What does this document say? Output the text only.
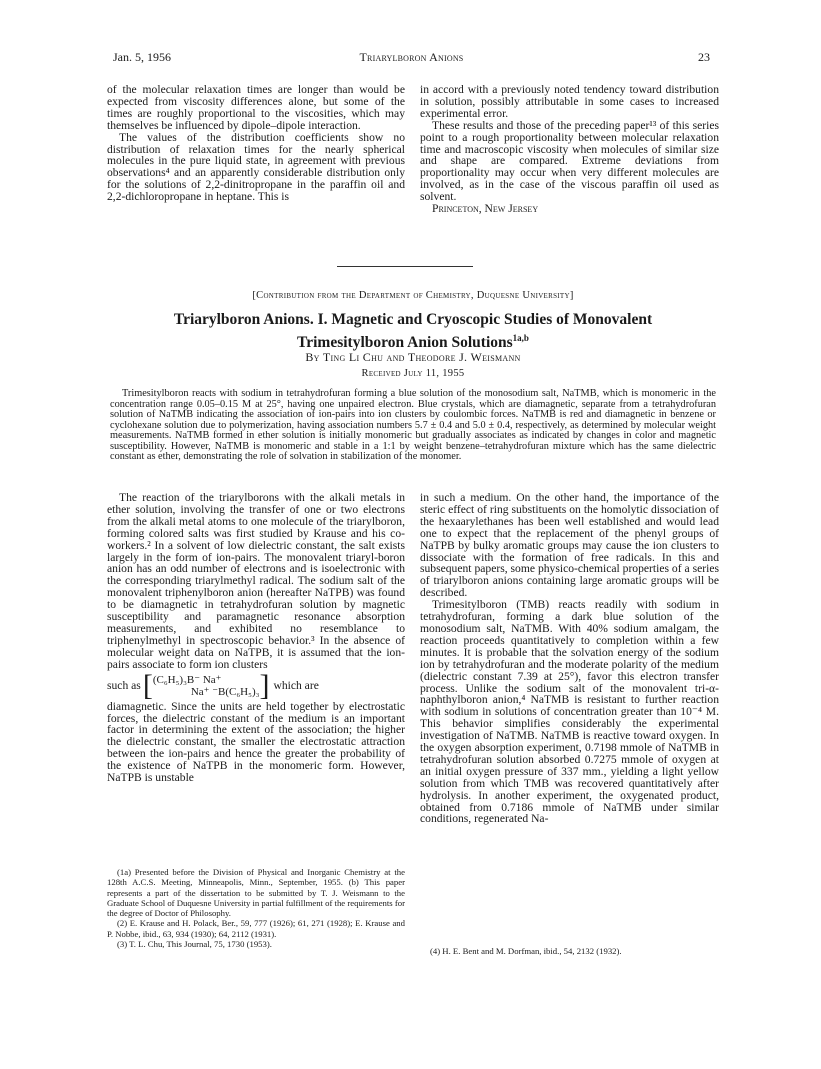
Jan. 5, 1956	Triarylboron Anions	23

of the molecular relaxation times are longer than would be expected from viscosity differences alone, but some of the times are roughly proportional to the viscosities, which may themselves be influenced by dipole–dipole interaction.

The values of the distribution coefficients show no distribution of relaxation times for the nearly spherical molecules in the pure liquid state, in agreement with previous observations⁴ and an apparently considerable distribution only for the solutions of 2,2-dinitropropane in the paraffin oil and 2,2-dichloropropane in heptane. This is

in accord with a previously noted tendency toward distribution in solution, possibly attributable in some cases to increased experimental error.

These results and those of the preceding paper¹³ of this series point to a rough proportionality between molecular relaxation time and macroscopic viscosity when molecules of similar size and shape are compared. Extreme deviations from proportionality may occur when very different molecules are involved, as in the case of the viscous paraffin oil used as solvent.

Princeton, New Jersey

[Contribution from the Department of Chemistry, Duquesne University]
Triarylboron Anions. I. Magnetic and Cryoscopic Studies of Monovalent
Trimesitylboron Anion Solutions$^{1a,b}$
By Ting Li Chu and Theodore J. Weismann
Received July 11, 1955

Trimesitylboron reacts with sodium in tetrahydrofuran forming a blue solution of the monosodium salt, NaTMB, which is monomeric in the concentration range 0.05–0.15 M at 25°, having one unpaired electron. Blue crystals, which are diamagnetic, separate from a tetrahydrofuran solution of NaTMB indicating the association of ion-pairs into ion clusters by coulombic forces. NaTMB is red and diamagnetic in benzene or cyclohexane solution due to polymerization, having association numbers 5.7 ± 0.4 and 5.0 ± 0.4, respectively, as determined by molecular weight measurements. NaTMB formed in ether solution is initially monomeric but gradually associates as indicated by changes in color and magnetic susceptibility. However, NaTMB is monomeric and stable in a 1:1 by weight benzene–tetrahydrofuran mixture which has the same dielectric constant as ether, demonstrating the role of solvation in stabilization of the monomer.

The reaction of the triarylborons with the alkali metals in ether solution, involving the transfer of one or two electrons from the alkali metal atoms to one molecule of the triarylboron, forming colored salts was first studied by Krause and his co-workers.² In a solvent of low dielectric constant, the salt exists largely in the form of ion-pairs. The monovalent triaryl-boron anion has an odd number of electrons and is isoelectronic with the corresponding triarylmethyl radical. The sodium salt of the monovalent triphenylboron anion (hereafter NaTPB) was found to be diamagnetic in tetrahydrofuran solution by magnetic susceptibility and paramagnetic resonance absorption measurements, and exhibited no resemblance to triphenylmethyl in spectroscopic behavior.³ In the absence of molecular weight data on NaTPB, it is assumed that the ion-pairs associate to form ion clusters

such as [ (C₆H₅)₃B⁻ Na⁺
Na⁺ ⁻B(C₆H₅)₃ ] which are

diamagnetic. Since the units are held together by electrostatic forces, the dielectric constant of the medium is an important factor in determining the extent of the association; the higher the dielectric constant, the smaller the electrostatic attraction between the ion-pairs and hence the greater the probability of the existence of NaTPB in the monomeric form. However, NaTPB is unstable

in such a medium. On the other hand, the importance of the steric effect of ring substituents on the homolytic dissociation of the hexaarylethanes has been well established and would lead one to expect that the replacement of the phenyl groups of NaTPB by bulky aromatic groups may cause the ion clusters to dissociate with the formation of free radicals. In this and subsequent papers, some physico-chemical properties of a series of triarylboron anions containing large aromatic groups will be described.

Trimesitylboron (TMB) reacts readily with sodium in tetrahydrofuran, forming a dark blue solution of the monosodium salt, NaTMB. With 40% sodium amalgam, the reaction proceeds quantitatively to completion within a few minutes. It is probable that the solvation energy of the sodium ion by tetrahydrofuran and the moderate polarity of the medium (dielectric constant 7.39 at 25°), favor this electron transfer process. Unlike the sodium salt of the monovalent tri-α-naphthylboron anion,⁴ NaTMB is resistant to further reaction with sodium in solutions of concentration greater than 10⁻⁴ M. This behavior simplifies considerably the experimental investigation of NaTMB. NaTMB is reactive toward oxygen. In the oxygen absorption experiment, 0.7198 mmole of NaTMB in tetrahydrofuran solution absorbed 0.7275 mmole of oxygen at an initial oxygen pressure of 337 mm., yielding a light yellow solution from which TMB was recovered quantitatively after hydrolysis. In another experiment, the oxygenated product, obtained from 0.7186 mmole of NaTMB under similar conditions, regenerated Na-

(1a) Presented before the Division of Physical and Inorganic Chemistry at the 128th A.C.S. Meeting, Minneapolis, Minn., September, 1955. (b) This paper represents a part of the dissertation to be submitted by T. J. Weismann to the Graduate School of Duquesne University in partial fulfillment of the requirements for the degree of Doctor of Philosophy.

(2) E. Krause and H. Polack, Ber., 59, 777 (1926); 61, 271 (1928); E. Krause and P. Nobbe, ibid., 63, 934 (1930); 64, 2112 (1931).

(3) T. L. Chu, This Journal, 75, 1730 (1953).

(4) H. E. Bent and M. Dorfman, ibid., 54, 2132 (1932).
